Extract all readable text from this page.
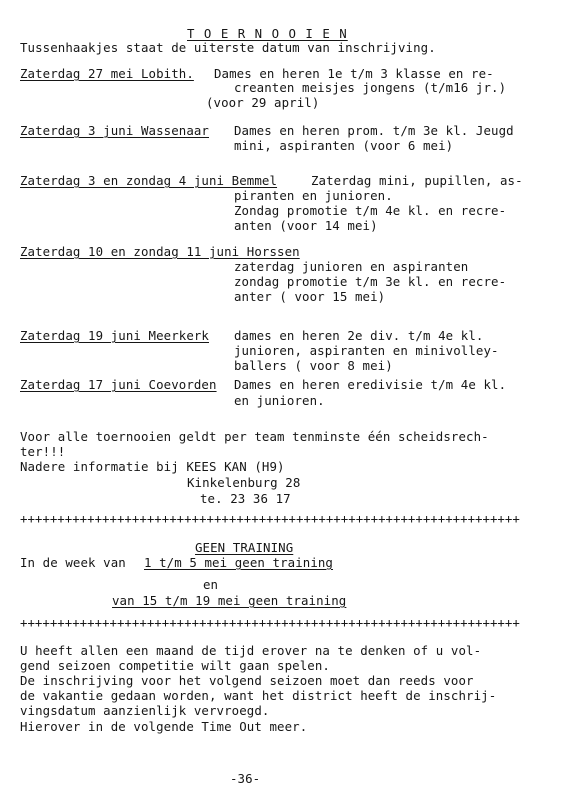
T O E R N O O I E N
Tussenhaakjes staat de uiterste datum van inschrijving.
Zaterdag 27 mei Lobith. Dames en heren 1e t/m 3 klasse en re-
creanten meisjes jongens (t/m16 jr.)
(voor 29 april)
Zaterdag 3 juni Wassenaar Dames en heren prom. t/m 3e kl. Jeugd
mini, aspiranten (voor 6 mei)
Zaterdag 3 en zondag 4 juni Bemmel	Zaterdag mini, pupillen, as-
piranten en junioren.
Zondag promotie t/m 4e kl. en recre-
anten (voor 14 mei)
Zaterdag 10 en zondag 11 juni Horssen
zaterdag junioren en aspiranten
zondag promotie t/m 3e kl. en recre-
anter ( voor 15 mei)
Zaterdag 19 juni Meerkerk dames en heren 2e div. t/m 4e kl.
junioren, aspiranten en minivolley-
ballers ( voor 8 mei)
Zaterdag 17 juni Coevorden Dames en heren eredivisie t/m 4e kl.
en junioren.
Voor alle toernooien geldt per team tenminste één scheidsrech-
ter!!!
Nadere informatie bij KEES KAN (H9)
Kinkelenburg 28
te. 23 36 17
+++++++++++++++++++++++++++++++++++++++++++++++++++++++++++++++++++
GEEN TRAINING
In de week van 1 t/m 5 mei geen training
en
van 15 t/m 19 mei geen training
+++++++++++++++++++++++++++++++++++++++++++++++++++++++++++++++++++
U heeft allen een maand de tijd erover na te denken of u vol-
gend seizoen competitie wilt gaan spelen.
De inschrijving voor het volgend seizoen moet dan reeds voor
de vakantie gedaan worden, want het district heeft de inschrij-
vingsdatum aanzienlijk vervroegd.
Hierover in de volgende Time Out meer.
-36-
